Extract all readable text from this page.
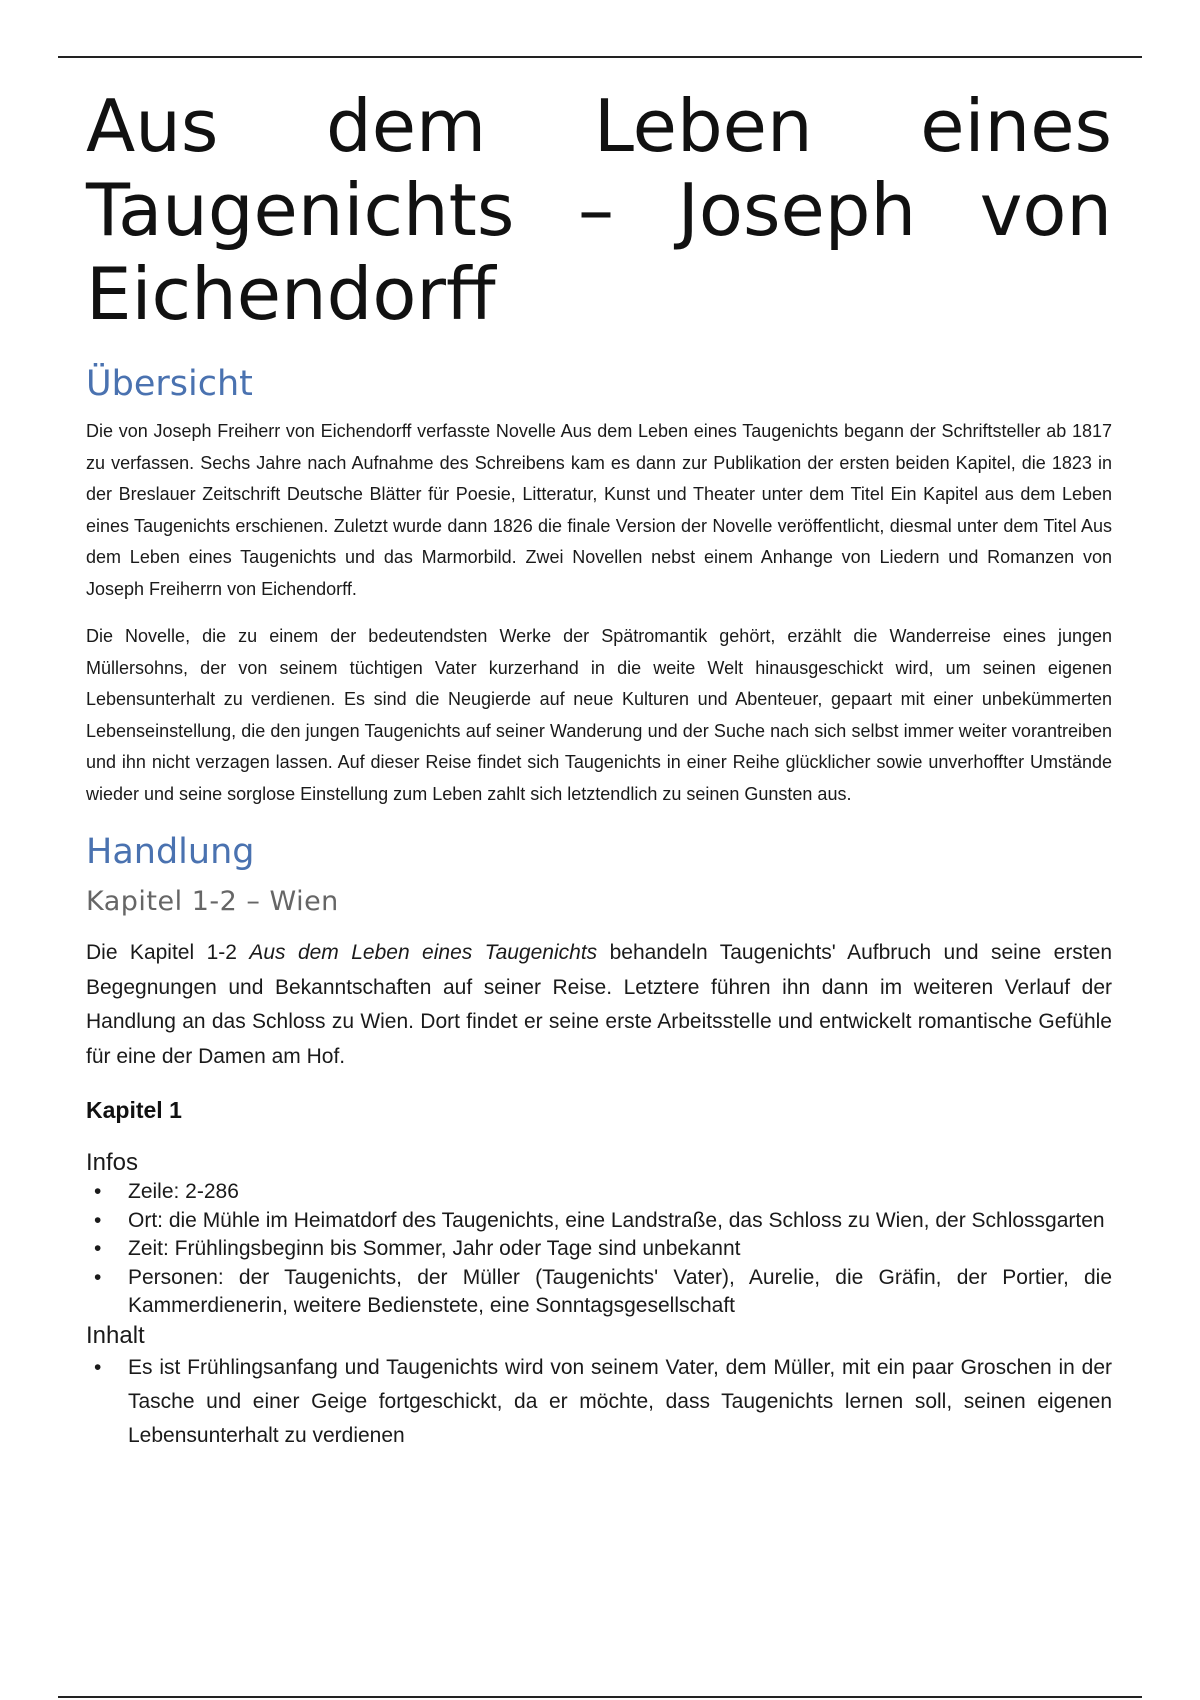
Aus dem Leben eines Taugenichts – Joseph von Eichendorff
Übersicht

Die von Joseph Freiherr von Eichendorff verfasste Novelle Aus dem Leben eines Taugenichts begann der Schriftsteller ab 1817 zu verfassen. Sechs Jahre nach Aufnahme des Schreibens kam es dann zur Publikation der ersten beiden Kapitel, die 1823 in der Breslauer Zeitschrift Deutsche Blätter für Poesie, Litteratur, Kunst und Theater unter dem Titel Ein Kapitel aus dem Leben eines Taugenichts erschienen. Zuletzt wurde dann 1826 die finale Version der Novelle veröffentlicht, diesmal unter dem Titel Aus dem Leben eines Taugenichts und das Marmorbild. Zwei Novellen nebst einem Anhange von Liedern und Romanzen von Joseph Freiherrn von Eichendorff.

Die Novelle, die zu einem der bedeutendsten Werke der Spätromantik gehört, erzählt die Wanderreise eines jungen Müllersohns, der von seinem tüchtigen Vater kurzerhand in die weite Welt hinausgeschickt wird, um seinen eigenen Lebensunterhalt zu verdienen. Es sind die Neugierde auf neue Kulturen und Abenteuer, gepaart mit einer unbekümmerten Lebenseinstellung, die den jungen Taugenichts auf seiner Wanderung und der Suche nach sich selbst immer weiter vorantreiben und ihn nicht verzagen lassen. Auf dieser Reise findet sich Taugenichts in einer Reihe glücklicher sowie unverhoffter Umstände wieder und seine sorglose Einstellung zum Leben zahlt sich letztendlich zu seinen Gunsten aus.

Handlung
Kapitel 1-2 – Wien

Die Kapitel 1-2 Aus dem Leben eines Taugenichts behandeln Taugenichts' Aufbruch und seine ersten Begegnungen und Bekanntschaften auf seiner Reise. Letztere führen ihn dann im weiteren Verlauf der Handlung an das Schloss zu Wien. Dort findet er seine erste Arbeitsstelle und entwickelt romantische Gefühle für eine der Damen am Hof.

Kapitel 1

Infos

• Zeile: 2-286
• Ort: die Mühle im Heimatdorf des Taugenichts, eine Landstraße, das Schloss zu Wien, der Schlossgarten
• Zeit: Frühlingsbeginn bis Sommer, Jahr oder Tage sind unbekannt
• Personen: der Taugenichts, der Müller (Taugenichts' Vater), Aurelie, die Gräfin, der Portier, die Kammerdienerin, weitere Bedienstete, eine Sonntagsgesellschaft

Inhalt

• Es ist Frühlingsanfang und Taugenichts wird von seinem Vater, dem Müller, mit ein paar Groschen in der Tasche und einer Geige fortgeschickt, da er möchte, dass Taugenichts lernen soll, seinen eigenen Lebensunterhalt zu verdienen
